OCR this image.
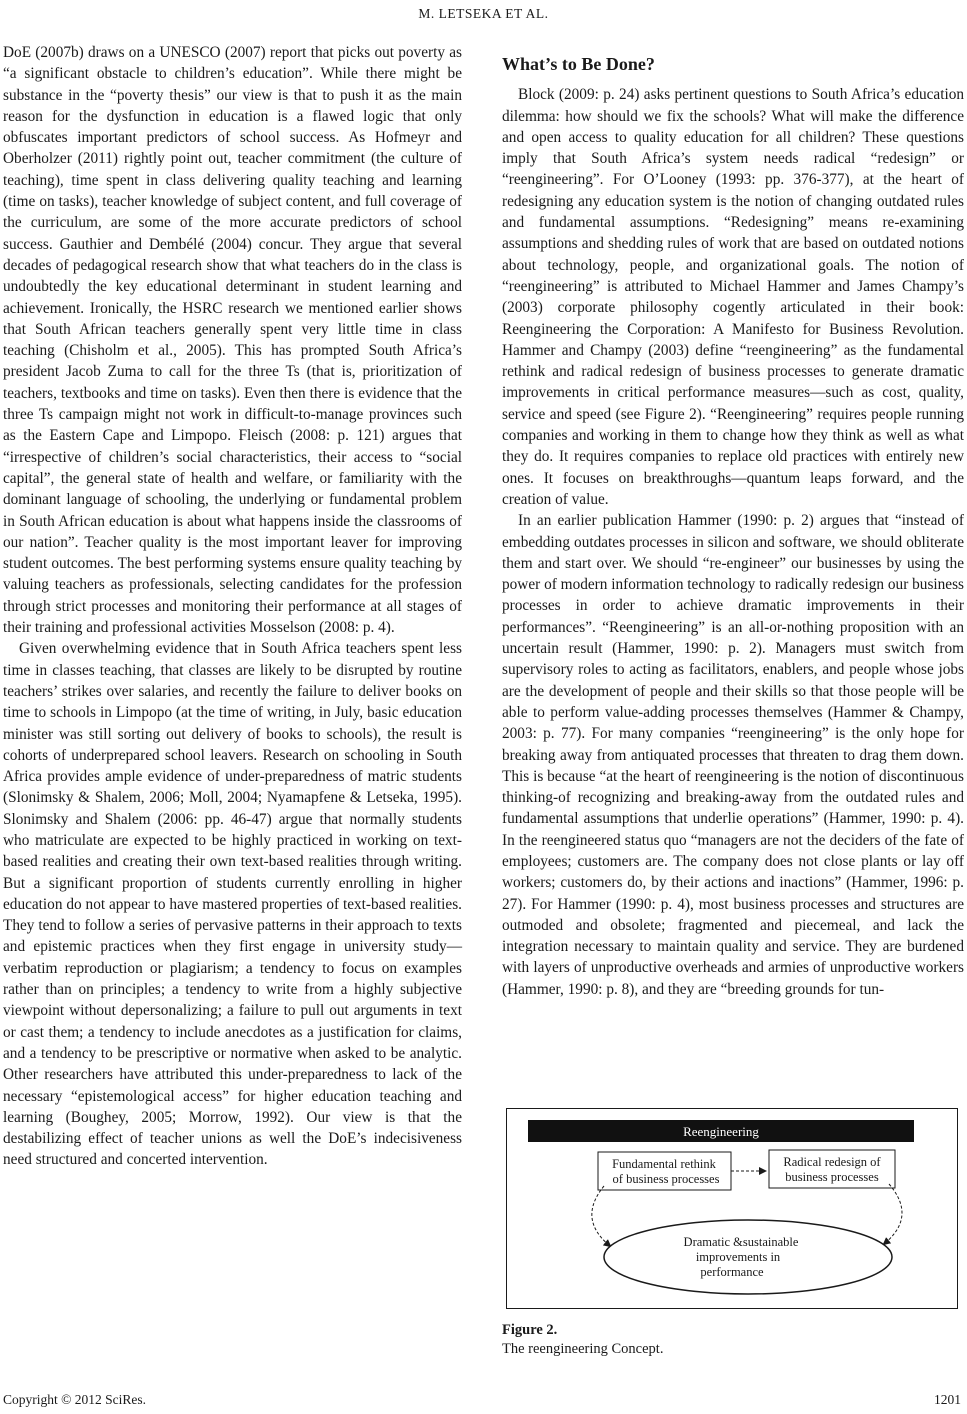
M. LETSEKA ET AL.

DoE (2007b) draws on a UNESCO (2007) report that picks out poverty as “a significant obstacle to children’s education”. While there might be substance in the “poverty thesis” our view is that to push it as the main reason for the dysfunction in education is a flawed logic that only obfuscates important predictors of school success. As Hofmeyr and Oberholzer (2011) rightly point out, teacher commitment (the culture of teaching), time spent in class delivering quality teaching and learning (time on tasks), teacher knowledge of subject content, and full coverage of the curriculum, are some of the more accurate predictors of school success. Gauthier and Dembélé (2004) concur. They argue that several decades of pedagogical research show that what teachers do in the class is undoubtedly the key educational determinant in student learning and achievement. Ironically, the HSRC research we mentioned earlier shows that South African teachers generally spent very little time in class teaching (Chisholm et al., 2005). This has prompted South Africa’s president Jacob Zuma to call for the three Ts (that is, prioritization of teachers, textbooks and time on tasks). Even then there is evidence that the three Ts campaign might not work in difficult-to-manage provinces such as the Eastern Cape and Limpopo. Fleisch (2008: p. 121) argues that “irrespective of children’s social characteristics, their access to “social capital”, the general state of health and welfare, or familiarity with the dominant language of schooling, the underlying or fundamental problem in South African education is about what happens inside the classrooms of our nation”. Teacher quality is the most important leaver for improving student outcomes. The best performing systems ensure quality teaching by valuing teachers as professionals, selecting candidates for the profession through strict processes and monitoring their performance at all stages of their training and professional activities Mosselson (2008: p. 4).

Given overwhelming evidence that in South Africa teachers spent less time in classes teaching, that classes are likely to be disrupted by routine teachers’ strikes over salaries, and recently the failure to deliver books on time to schools in Limpopo (at the time of writing, in July, basic education minister was still sorting out delivery of books to schools), the result is cohorts of underprepared school leavers. Research on schooling in South Africa provides ample evidence of under-preparedness of matric students (Slonimsky & Shalem, 2006; Moll, 2004; Nyamapfene & Letseka, 1995). Slonimsky and Shalem (2006: pp. 46-47) argue that normally students who matriculate are expected to be highly practiced in working on text-based realities and creating their own text-based realities through writing. But a significant proportion of students currently enrolling in higher education do not appear to have mastered properties of text-based realities. They tend to follow a series of pervasive patterns in their approach to texts and epistemic practices when they first engage in university study—verbatim reproduction or plagiarism; a tendency to focus on examples rather than on principles; a tendency to write from a highly subjective viewpoint without depersonalizing; a failure to pull out arguments in text or cast them; a tendency to include anecdotes as a justification for claims, and a tendency to be prescriptive or normative when asked to be analytic. Other researchers have attributed this under-preparedness to lack of the necessary “epistemological access” for higher education teaching and learning (Boughey, 2005; Morrow, 1992). Our view is that the destabilizing effect of teacher unions as well the DoE’s indecisiveness need structured and concerted intervention.

What’s to Be Done?

Block (2009: p. 24) asks pertinent questions to South Africa’s education dilemma: how should we fix the schools? What will make the difference and open access to quality education for all children? These questions imply that South Africa’s system needs radical “redesign” or “reengineering”. For O’Looney (1993: pp. 376-377), at the heart of redesigning any education system is the notion of changing outdated rules and fundamental assumptions. “Redesigning” means re-examining assumptions and shedding rules of work that are based on outdated notions about technology, people, and organizational goals. The notion of “reengineering” is attributed to Michael Hammer and James Champy’s (2003) corporate philosophy cogently articulated in their book: Reengineering the Corporation: A Manifesto for Business Revolution. Hammer and Champy (2003) define “reengineering” as the fundamental rethink and radical redesign of business processes to generate dramatic improvements in critical performance measures—such as cost, quality, service and speed (see Figure 2). “Reengineering” requires people running companies and working in them to change how they think as well as what they do. It requires companies to replace old practices with entirely new ones. It focuses on breakthroughs—quantum leaps forward, and the creation of value.

In an earlier publication Hammer (1990: p. 2) argues that “instead of embedding outdates processes in silicon and software, we should obliterate them and start over. We should “re-engineer” our businesses by using the power of modern information technology to radically redesign our business processes in order to achieve dramatic improvements in their performances”. “Reengineering” is an all-or-nothing proposition with an uncertain result (Hammer, 1990: p. 2). Managers must switch from supervisory roles to acting as facilitators, enablers, and people whose jobs are the development of people and their skills so that those people will be able to perform value-adding processes themselves (Hammer & Champy, 2003: p. 77). For many companies “reengineering” is the only hope for breaking away from antiquated processes that threaten to drag them down. This is because “at the heart of reengineering is the notion of discontinuous thinking-of recognizing and breaking-away from the outdated rules and fundamental assumptions that underlie operations” (Hammer, 1990: p. 4). In the reengineered status quo “managers are not the deciders of the fate of employees; customers are. The company does not close plants or lay off workers; customers do, by their actions and inactions” (Hammer, 1996: p. 27). For Hammer (1990: p. 4), most business processes and structures are outmoded and obsolete; fragmented and piecemeal, and lack the integration necessary to maintain quality and service. They are burdened with layers of unproductive overheads and armies of unproductive workers (Hammer, 1990: p. 8), and they are “breeding grounds for tun-

Reengineering
Fundamental rethink
of business processes
Radical redesign of
business processes
Dramatic &sustainable
improvements in
performance
Figure 2.
The reengineering Concept.
Copyright © 2012 SciRes.	1201
